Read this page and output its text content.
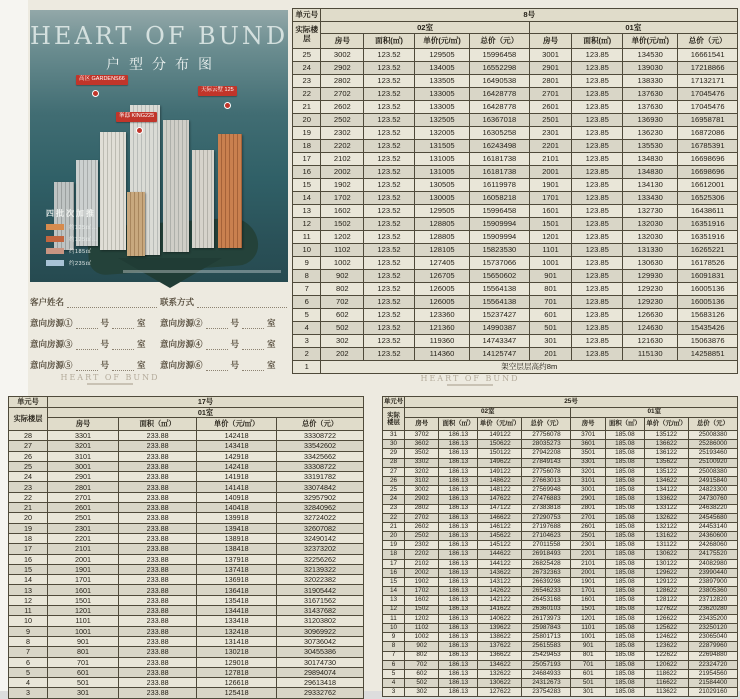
HEART OF BUND
户型分布图
高区 GARDENS66
峯邸 KING225
天际云墅 125
四批次加推
约125㎡…
约125㎡…
约185㎡
约235㎡
客户姓名	联系方式
意向房源①	号	室 意向房源②	号	室
意向房源③	号	室 意向房源④	号	室
意向房源⑤	号	室 意向房源⑥	号	室
HEART OF BUND	HEART OF BUND
单元号	8号							
实际楼层	02室				01室			
	房号	面积(㎡)	单价(元/㎡)	总价（元）	房号	面积(㎡)	单价(元/㎡)	总价（元）
25	3002	123.52	129505	15996458	3001	123.85	134530	16661541
24	2902	123.52	134005	16552298	2901	123.85	139030	17218866
23	2802	123.52	133505	16490538	2801	123.85	138330	17132171
22	2702	123.52	133005	16428778	2701	123.85	137630	17045476
21	2602	123.52	133005	16428778	2601	123.85	137630	17045476
20	2502	123.52	132505	16367018	2501	123.85	136930	16958781
19	2302	123.52	132005	16305258	2301	123.85	136230	16872086
18	2202	123.52	131505	16243498	2201	123.85	135530	16785391
17	2102	123.52	131005	16181738	2101	123.85	134830	16698696
16	2002	123.52	131005	16181738	2001	123.85	134830	16698696
15	1902	123.52	130505	16119978	1901	123.85	134130	16612001
14	1702	123.52	130005	16058218	1701	123.85	133430	16525306
13	1602	123.52	129505	15996458	1601	123.85	132730	16438611
12	1502	123.52	128805	15909994	1501	123.85	132030	16351916
11	1202	123.52	128805	15909994	1201	123.85	132030	16351916
10	1102	123.52	128105	15823530	1101	123.85	131330	16265221
9	1002	123.52	127405	15737066	1001	123.85	130630	16178526
8	902	123.52	126705	15650602	901	123.85	129930	16091831
7	802	123.52	126005	15564138	801	123.85	129230	16005136
6	702	123.52	126005	15564138	701	123.85	129230	16005136
5	602	123.52	123360	15237427	601	123.85	126630	15683126
4	502	123.52	121360	14990387	501	123.85	124630	15435426
3	302	123.52	119360	14743347	301	123.85	121630	15063876
2	202	123.52	114360	14125747	201	123.85	115130	14258851
1	架空层层高约8m							
单元号	17号			
实际楼层	01室			
	房号	面积（㎡）	单价（元/㎡）	总价（元）
28	3301	233.88	142418	33308722
27	3201	233.88	143418	33542602
26	3101	233.88	142918	33425662
25	3001	233.88	142418	33308722
24	2901	233.88	141918	33191782
23	2801	233.88	141418	33074842
22	2701	233.88	140918	32957902
21	2601	233.88	140418	32840962
20	2501	233.88	139918	32724022
19	2301	233.88	139418	32607082
18	2201	233.88	138918	32490142
17	2101	233.88	138418	32373202
16	2001	233.88	137918	32256262
15	1901	233.88	137418	32139322
14	1701	233.88	136918	32022382
13	1601	233.88	136418	31905442
12	1501	233.88	135418	31671562
11	1201	233.88	134418	31437682
10	1101	233.88	133418	31203802
9	1001	233.88	132418	30969922
8	901	233.88	131418	30736042
7	801	233.88	130218	30455386
6	701	233.88	129018	30174730
5	601	233.88	127818	29894074
4	501	233.88	126618	29613418
3	301	233.88	125418	29332762
单元号	25号							
实际楼层	02室				01室			
	房号	面积（㎡）	单价（元/㎡）	总价（元）	房号	面积（㎡）	单价（元/㎡）	总价（元）
31	3702	186.13	149122	27756078	3701	185.08	135122	25008380
30	3602	186.13	150622	28035273	3601	185.08	136622	25286000
29	3502	186.13	150122	27942208	3501	185.08	136122	25193460
28	3302	186.13	149622	27849143	3301	185.08	135622	25100920
27	3202	186.13	149122	27756078	3201	185.08	135122	25008380
26	3102	186.13	148622	27663013	3101	185.08	134622	24915840
25	3002	186.13	148122	27569948	3001	185.08	134122	24823300
24	2902	186.13	147622	27476883	2901	185.08	133622	24730760
23	2802	186.13	147122	27383818	2801	185.08	133122	24638220
22	2702	186.13	146622	27290753	2701	185.08	132622	24545680
21	2602	186.13	146122	27197688	2601	185.08	132122	24453140
20	2502	186.13	145622	27104623	2501	185.08	131622	24360600
19	2302	186.13	145122	27011558	2301	185.08	131122	24268060
18	2202	186.13	144622	26918493	2201	185.08	130622	24175520
17	2102	186.13	144122	26825428	2101	185.08	130122	24082980
16	2002	186.13	143622	26732363	2001	185.08	129622	23990440
15	1902	186.13	143122	26639298	1901	185.08	129122	23897900
14	1702	186.13	142622	26546233	1701	185.08	128622	23805360
13	1602	186.13	142122	26453168	1601	185.08	128122	23712820
12	1502	186.13	141622	26360103	1501	185.08	127622	23620280
11	1202	186.13	140622	26173973	1201	185.08	126622	23435200
10	1102	186.13	139622	25987843	1101	185.08	125622	23250120
9	1002	186.13	138622	25801713	1001	185.08	124622	23065040
8	902	186.13	137622	25615583	901	185.08	123622	22879960
7	802	186.13	136622	25429453	801	185.08	122622	22694880
6	702	186.13	134622	25057193	701	185.08	120622	22324720
5	602	186.13	132622	24684933	601	185.08	118622	21954560
4	502	186.13	130622	24312673	501	185.08	116622	21584400
3	302	186.13	127622	23754283	301	185.08	113622	21029160
